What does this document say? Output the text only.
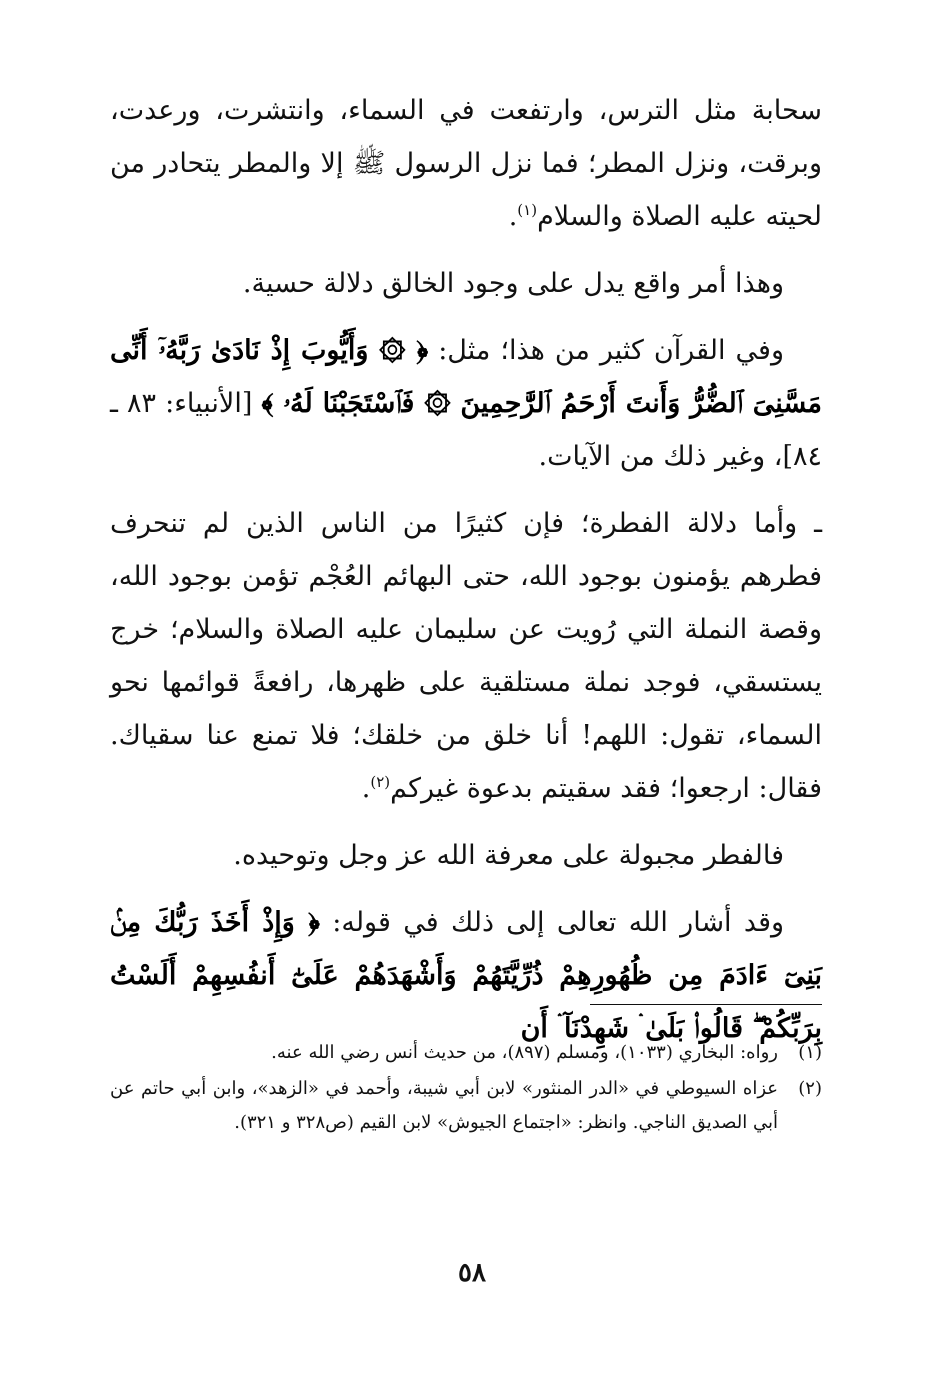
سحابة مثل الترس، وارتفعت في السماء، وانتشرت، ورعدت، وبرقت، ونزل المطر؛ فما نزل الرسول ﷺ إلا والمطر يتحادر من لحيته عليه الصلاة والسلام$^{(١)}$.

وهذا أمر واقع يدل على وجود الخالق دلالة حسية.

وفي القرآن كثير من هذا؛ مثل: ﴿ ۞ وَأَيُّوبَ إِذْ نَادَىٰ رَبَّهُۥٓ أَنِّى مَسَّنِىَ ٱلضُّرُّ وَأَنتَ أَرْحَمُ ٱلرَّٰحِمِينَ ۞ فَٱسْتَجَبْنَا لَهُۥ ﴾ [الأنبياء: ٨٣ ـ ٨٤]، وغير ذلك من الآيات.

ـ وأما دلالة الفطرة؛ فإن كثيرًا من الناس الذين لم تنحرف فطرهم يؤمنون بوجود الله، حتى البهائم العُجْم تؤمن بوجود الله، وقصة النملة التي رُويت عن سليمان عليه الصلاة والسلام؛ خرج يستسقي، فوجد نملة مستلقية على ظهرها، رافعةً قوائمها نحو السماء، تقول: اللهم! أنا خلق من خلقك؛ فلا تمنع عنا سقياك. فقال: ارجعوا؛ فقد سقيتم بدعوة غيركم$^{(٢)}$.

فالفطر مجبولة على معرفة الله عز وجل وتوحيده.

وقد أشار الله تعالى إلى ذلك في قوله: ﴿ وَإِذْ أَخَذَ رَبُّكَ مِنۢ بَنِىٓ ءَادَمَ مِن ظُهُورِهِمْ ذُرِّيَّتَهُمْ وَأَشْهَدَهُمْ عَلَىٰٓ أَنفُسِهِمْ أَلَسْتُ بِرَبِّكُمْ ۖ قَالُوا۟ بَلَىٰ ۛ شَهِدْنَآ ۛ أَن

(١)
رواه: البخاري (١٠٣٣)، ومسلم (٨٩٧)، من حديث أنس رضي الله عنه.
(٢)
عزاه السيوطي في «الدر المنثور» لابن أبي شيبة، وأحمد في «الزهد»، وابن أبي حاتم عن أبي الصديق الناجي. وانظر: «اجتماع الجيوش» لابن القيم (ص٣٢٨ و ٣٢١).
٥٨
